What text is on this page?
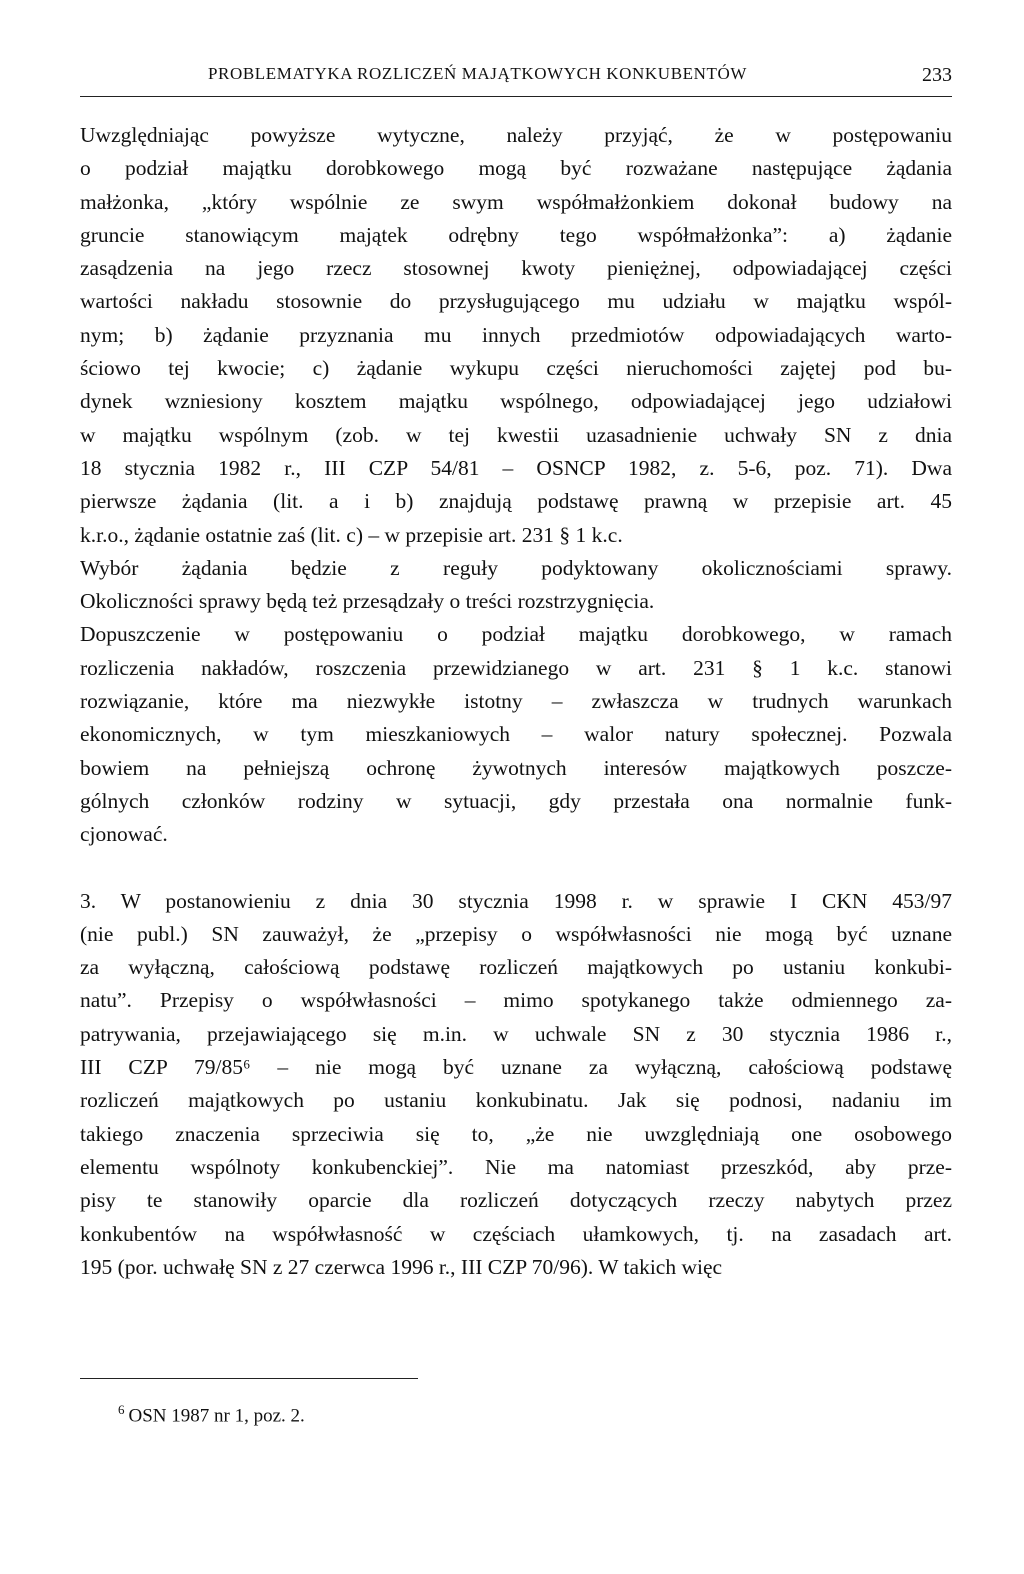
PROBLEMATYKA ROZLICZEŃ MAJĄTKOWYCH KONKUBENTÓW	233
Uwzględniając powyższe wytyczne, należy przyjąć, że w postępowaniu
o podział majątku dorobkowego mogą być rozważane następujące żądania
małżonka, „który wspólnie ze swym współmałżonkiem dokonał budowy na
gruncie stanowiącym majątek odrębny tego współmałżonka”: a) żądanie
zasądzenia na jego rzecz stosownej kwoty pieniężnej, odpowiadającej części
wartości nakładu stosownie do przysługującego mu udziału w majątku wspól-
nym; b) żądanie przyznania mu innych przedmiotów odpowiadających warto-
ściowo tej kwocie; c) żądanie wykupu części nieruchomości zajętej pod bu-
dynek wzniesiony kosztem majątku wspólnego, odpowiadającej jego udziałowi
w majątku wspólnym (zob. w tej kwestii uzasadnienie uchwały SN z dnia
18 stycznia 1982 r., III CZP 54/81 – OSNCP 1982, z. 5-6, poz. 71). Dwa
pierwsze żądania (lit. a i b) znajdują podstawę prawną w przepisie art. 45
k.r.o., żądanie ostatnie zaś (lit. c) – w przepisie art. 231 § 1 k.c.
Wybór żądania będzie z reguły podyktowany okolicznościami sprawy.
Okoliczności sprawy będą też przesądzały o treści rozstrzygnięcia.
Dopuszczenie w postępowaniu o podział majątku dorobkowego, w ramach
rozliczenia nakładów, roszczenia przewidzianego w art. 231 § 1 k.c. stanowi
rozwiązanie, które ma niezwykłe istotny – zwłaszcza w trudnych warunkach
ekonomicznych, w tym mieszkaniowych – walor natury społecznej. Pozwala
bowiem na pełniejszą ochronę żywotnych interesów majątkowych poszcze-
gólnych członków rodziny w sytuacji, gdy przestała ona normalnie funk-
cjonować.
3. W postanowieniu z dnia 30 stycznia 1998 r. w sprawie I CKN 453/97
(nie publ.) SN zauważył, że „przepisy o współwłasności nie mogą być uznane
za wyłączną, całościową podstawę rozliczeń majątkowych po ustaniu konkubi-
natu”. Przepisy o współwłasności – mimo spotykanego także odmiennego za-
patrywania, przejawiającego się m.in. w uchwale SN z 30 stycznia 1986 r.,
III CZP 79/85⁶ – nie mogą być uznane za wyłączną, całościową podstawę
rozliczeń majątkowych po ustaniu konkubinatu. Jak się podnosi, nadaniu im
takiego znaczenia sprzeciwia się to, „że nie uwzględniają one osobowego
elementu wspólnoty konkubenckiej”. Nie ma natomiast przeszkód, aby prze-
pisy te stanowiły oparcie dla rozliczeń dotyczących rzeczy nabytych przez
konkubentów na współwłasność w częściach ułamkowych, tj. na zasadach art.
195 (por. uchwałę SN z 27 czerwca 1996 r., III CZP 70/96). W takich więc
$^6$ OSN 1987 nr 1, poz. 2.
